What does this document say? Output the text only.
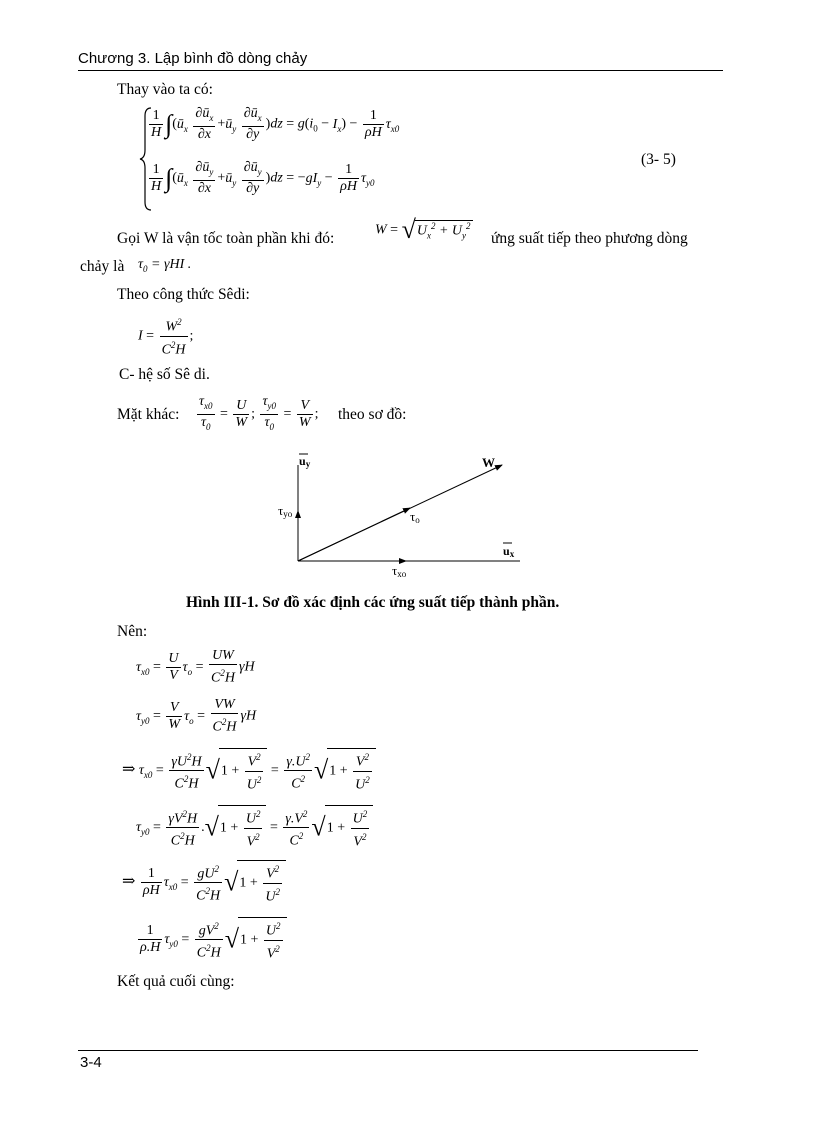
Chương 3. Lập bình đồ dòng chảy
Thay vào ta có:
$\frac{1}{H}$ $\int(ū_x \frac{\partial ū_x}{\partial x}$ $+ū_y \frac{\partial ū_x}{\partial y} )dz = g(i_0 - I_x) - \frac{1}{\rho H} \tau_{x0}$
$\frac{1}{H}$ $\int(ū_x \frac{\partial ū_y}{\partial x}$ $+ū_y \frac{\partial ū_y}{\partial y} )dz = -gI_y - \frac{1}{\rho H} \tau_{y0}$
(3- 5)
Gọi W là vận tốc toàn phần khi đó:
$W = √U_x^2 + U_y^2$
ứng suất tiếp theo phương dòng
chảy là $\tau_0 = \gamma HI$ .
Theo công thức Sêdi:
$I = \frac{W^2}{C^2H}$ ;
C- hệ số Sê di.
Mặt khác: $\frac{\tau_{x0}}{\tau_0} = \frac{U}{W}$ ; $\frac{\tau_{y0}}{\tau_0} = \frac{V}{W}$ ; theo sơ đồ:
uy
ux
W
τyo	τo
τxo
Hình III-1. Sơ đồ xác định các ứng suất tiếp thành phần.
Nên:
$\tau_{x0} = \frac{U}{V} \tau_o = \frac{UW}{C^2H}$ γH
$\tau_{y0} = \frac{V}{W} \tau_o = \frac{VW}{C^2H}$ γH
⇒ $\tau_{x0} = \frac{\gamma U^2H}{C^2H} √1 + \frac{V^2}{U^2} = \frac{\gamma.U^2}{C^2} √1 + \frac{V^2}{U^2}$
$\tau_{y0} = \frac{\gamma V^2H}{C^2H} .√1 + \frac{U^2}{V^2} = \frac{\gamma.V^2}{C^2} √1 + \frac{U^2}{V^2}$
⇒ $\frac{1}{\rho H} \tau_{x0} = \frac{gU^2}{C^2H} √1 + \frac{V^2}{U^2}$
$\frac{1}{\rho.H} \tau_{y0} = \frac{gV^2}{C^2H} √1 + \frac{U^2}{V^2}$
Kết quả cuối cùng:
3-4
